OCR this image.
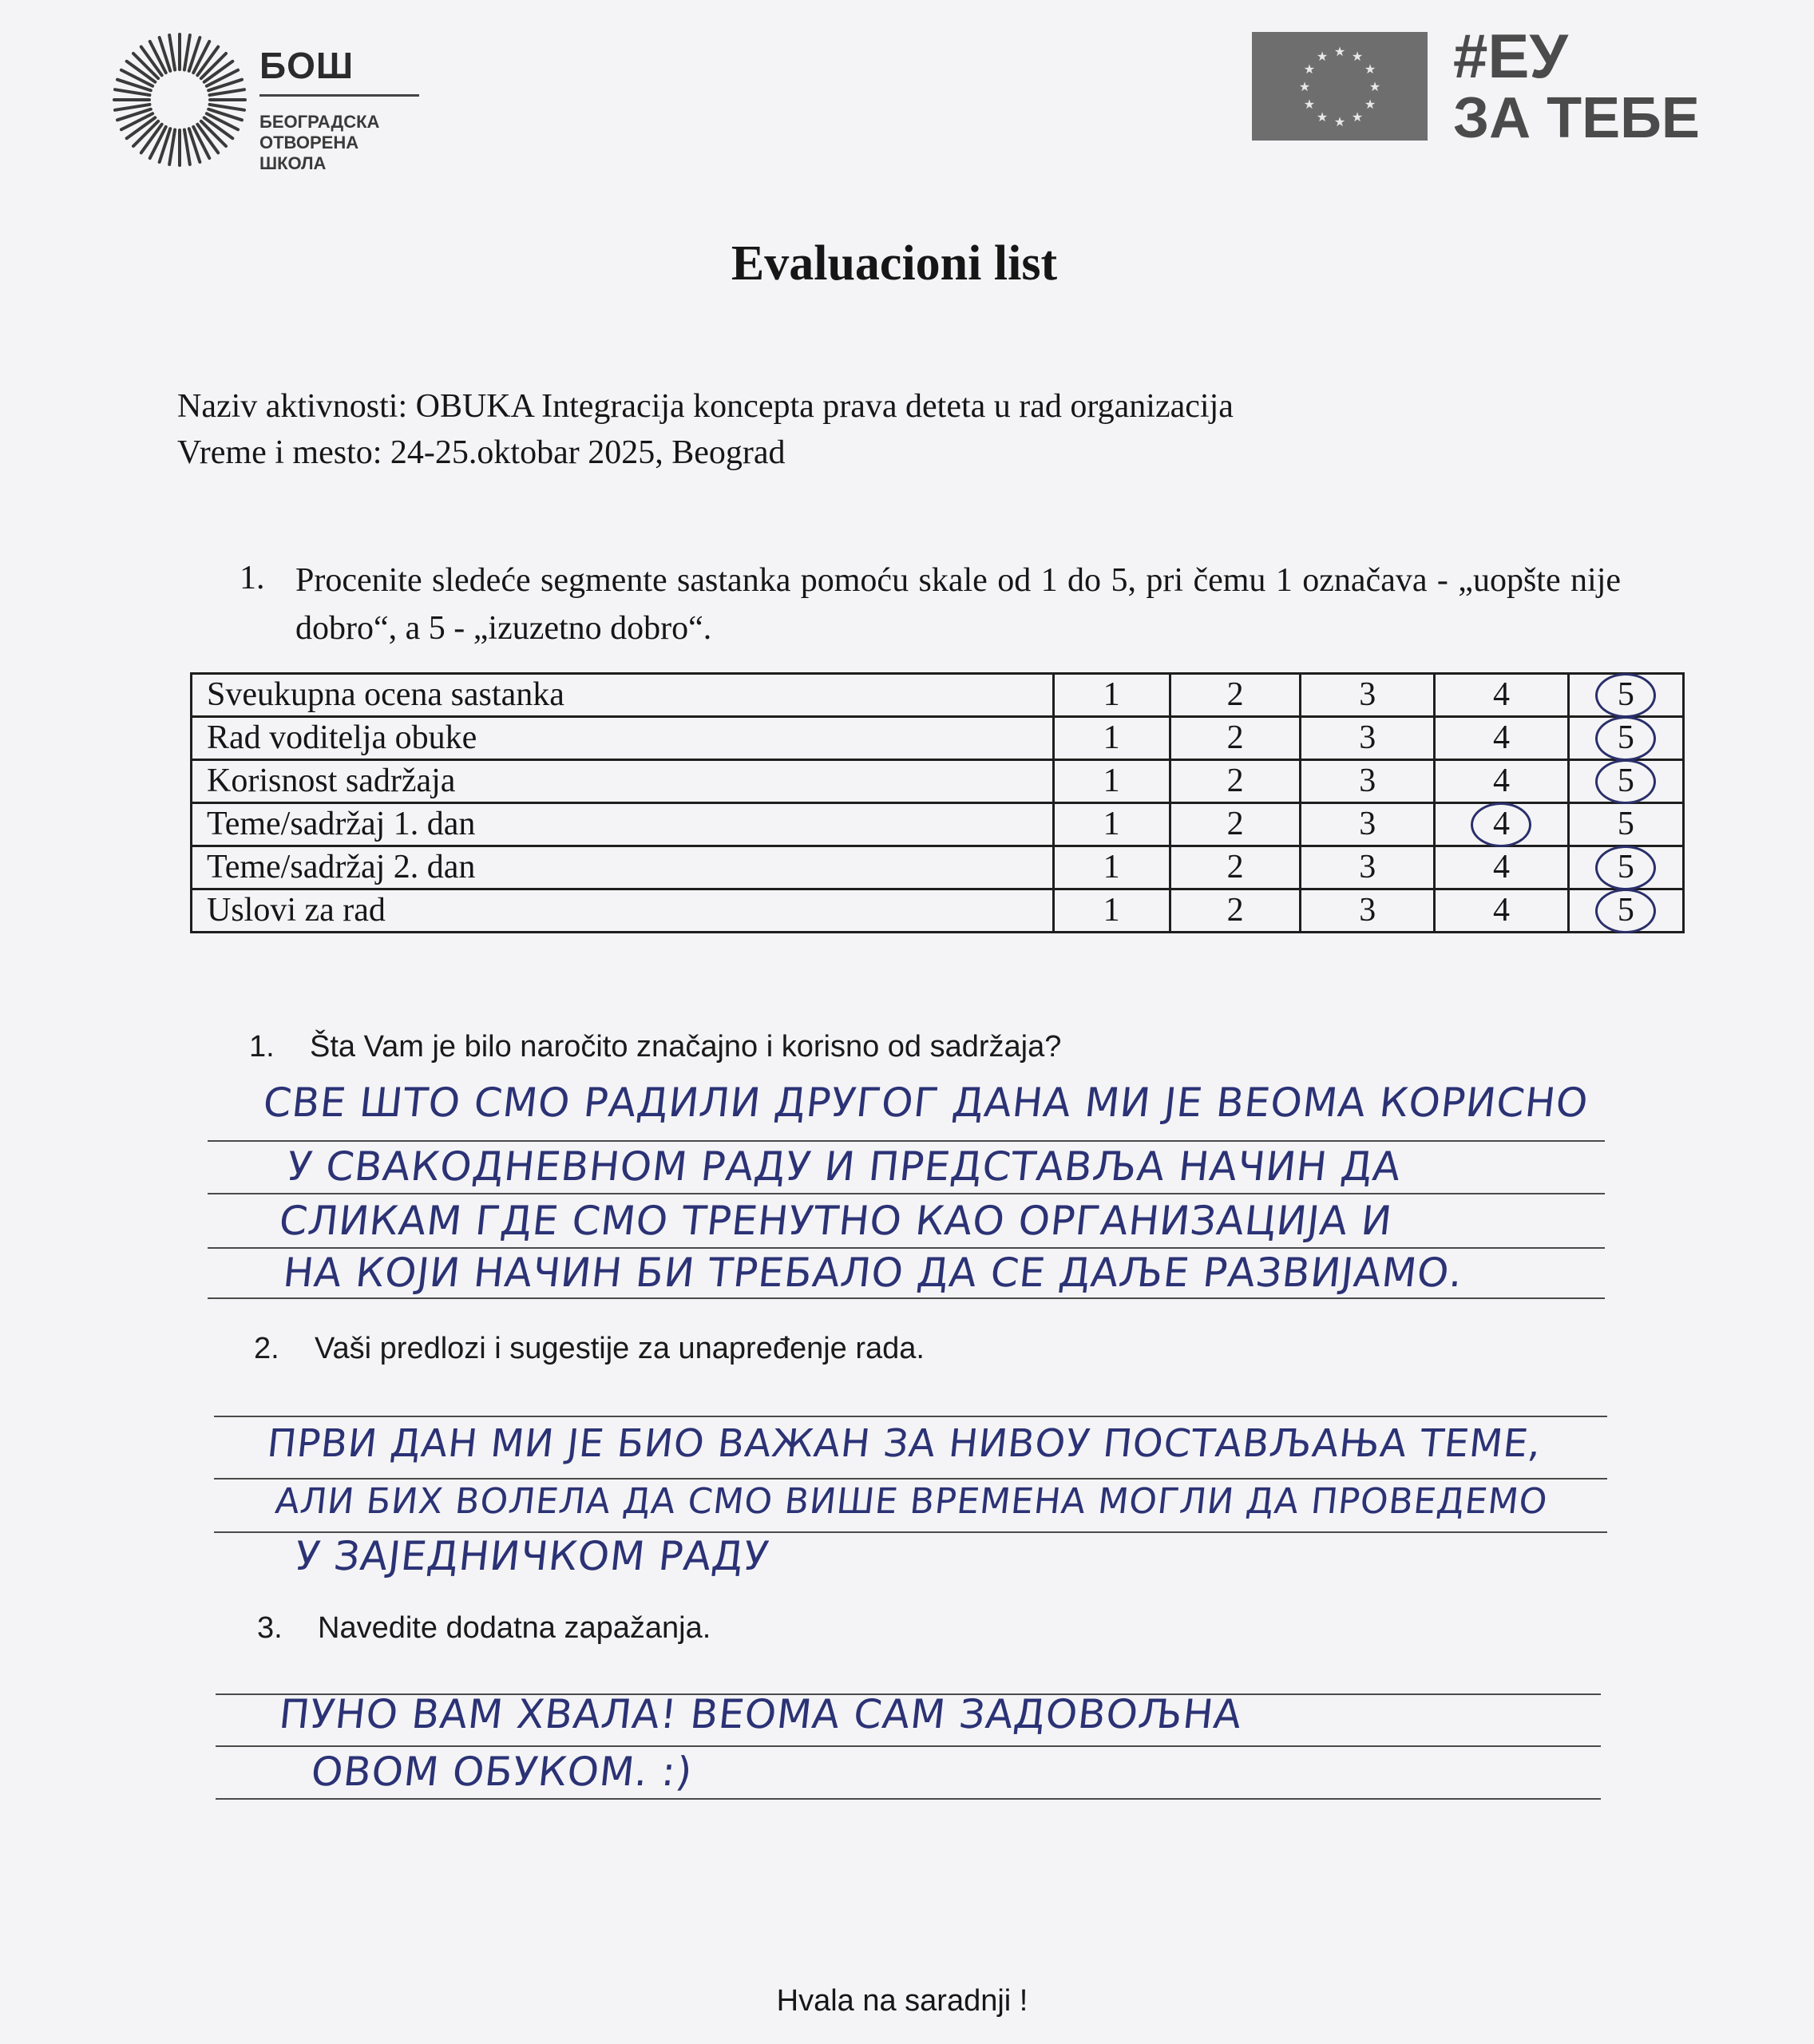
БОШ
БЕОГРАДСКА
ОТВОРЕНА
ШКОЛА
★ ★
★
★
★
★
★
★
★
★
★
★ #ЕУ
ЗА ТЕБЕ
Evaluacioni list
Naziv aktivnosti: OBUKA Integracija koncepta prava deteta u rad organizacija
Vreme i mesto: 24-25.oktobar 2025, Beograd
1. Procenite sledeće segmente sastanka pomoću skale od 1 do 5, pri čemu 1 označava - „uopšte nije dobro“, a 5 - „izuzetno dobro“.
Sveukupna ocena sastanka	1	2	3	4	5

Rad voditelja obuke	1	2	3	4	5

Korisnost sadržaja	1	2	3	4	5

Teme/sadržaj 1. dan	1	2	3	4	5
Teme/sadržaj 2. dan	1	2	3	4	5

Uslovi za rad	1	2	3	4	5
1. Šta Vam je bilo naročito značajno i korisno od sadržaja?
СВЕ ШТО СМО РАДИЛИ ДРУГОГ ДАНА МИ ЈЕ ВЕОМА КОРИСНО
У СВАКОДНЕВНОМ РАДУ И ПРЕДСТАВЉА НАЧИН ДА
СЛИКАМ ГДЕ СМО ТРЕНУТНО КАО ОРГАНИЗАЦИЈА И
НА КОЈИ НАЧИН БИ ТРЕБАЛО ДА СЕ ДАЉЕ РАЗВИЈАМО.
2. Vaši predlozi i sugestije za unapređenje rada.
ПРВИ ДАН МИ ЈЕ БИО ВАЖАН ЗА НИВОУ ПОСТАВЉАЊА ТЕМЕ,
АЛИ БИХ ВОЛЕЛА ДА СМО ВИШЕ ВРЕМЕНА МОГЛИ ДА ПРОВЕДЕМО
У ЗАЈЕДНИЧКОМ РАДУ
3. Navedite dodatna zapažanja.
ПУНО ВАМ ХВАЛА! ВЕОМА САМ ЗАДОВОЉНА
ОВОМ ОБУКОМ. :)
Hvala na saradnji !
